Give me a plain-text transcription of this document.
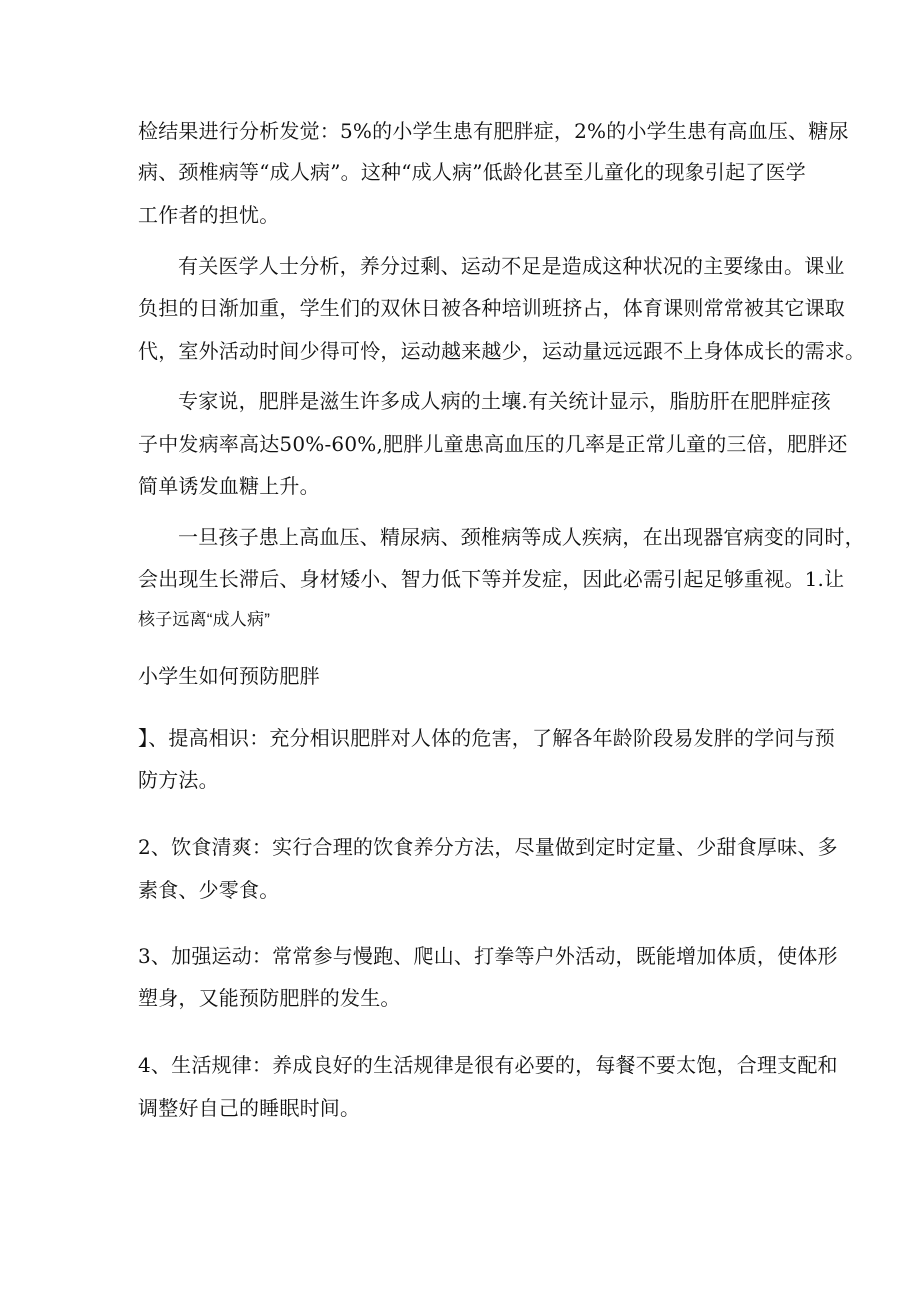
检结果进行分析发觉：5%的小学生患有肥胖症，2%的小学生患有高血压、糖尿
病、颈椎病等“成人病”。这种“成人病”低龄化甚至儿童化的现象引起了医学
工作者的担忧。
有关医学人士分析，养分过剩、运动不足是造成这种状况的主要缘由。课业
负担的日渐加重，学生们的双休日被各种培训班挤占，体育课则常常被其它课取
代，室外活动时间少得可怜，运动越来越少，运动量远远跟不上身体成长的需求。
专家说，肥胖是滋生许多成人病的土壤.有关统计显示，脂肪肝在肥胖症孩
子中发病率高达50%-60%,肥胖儿童患高血压的几率是正常儿童的三倍，肥胖还
简单诱发血糖上升。
一旦孩子患上高血压、精尿病、颈椎病等成人疾病，在出现器官病变的同时，
会出现生长滞后、身材矮小、智力低下等并发症，因此必需引起足够重视。1.让
核子远离“成人病”
小学生如何预防肥胖
】、提高相识：充分相识肥胖对人体的危害，了解各年龄阶段易发胖的学问与预
防方法。
2、饮食清爽：实行合理的饮食养分方法，尽量做到定时定量、少甜食厚味、多
素食、少零食。
3、加强运动：常常参与慢跑、爬山、打拳等户外活动，既能增加体质，使体形
塑身，又能预防肥胖的发生。
4、生活规律：养成良好的生活规律是很有必要的，每餐不要太饱，合理支配和
调整好自己的睡眠时间。
